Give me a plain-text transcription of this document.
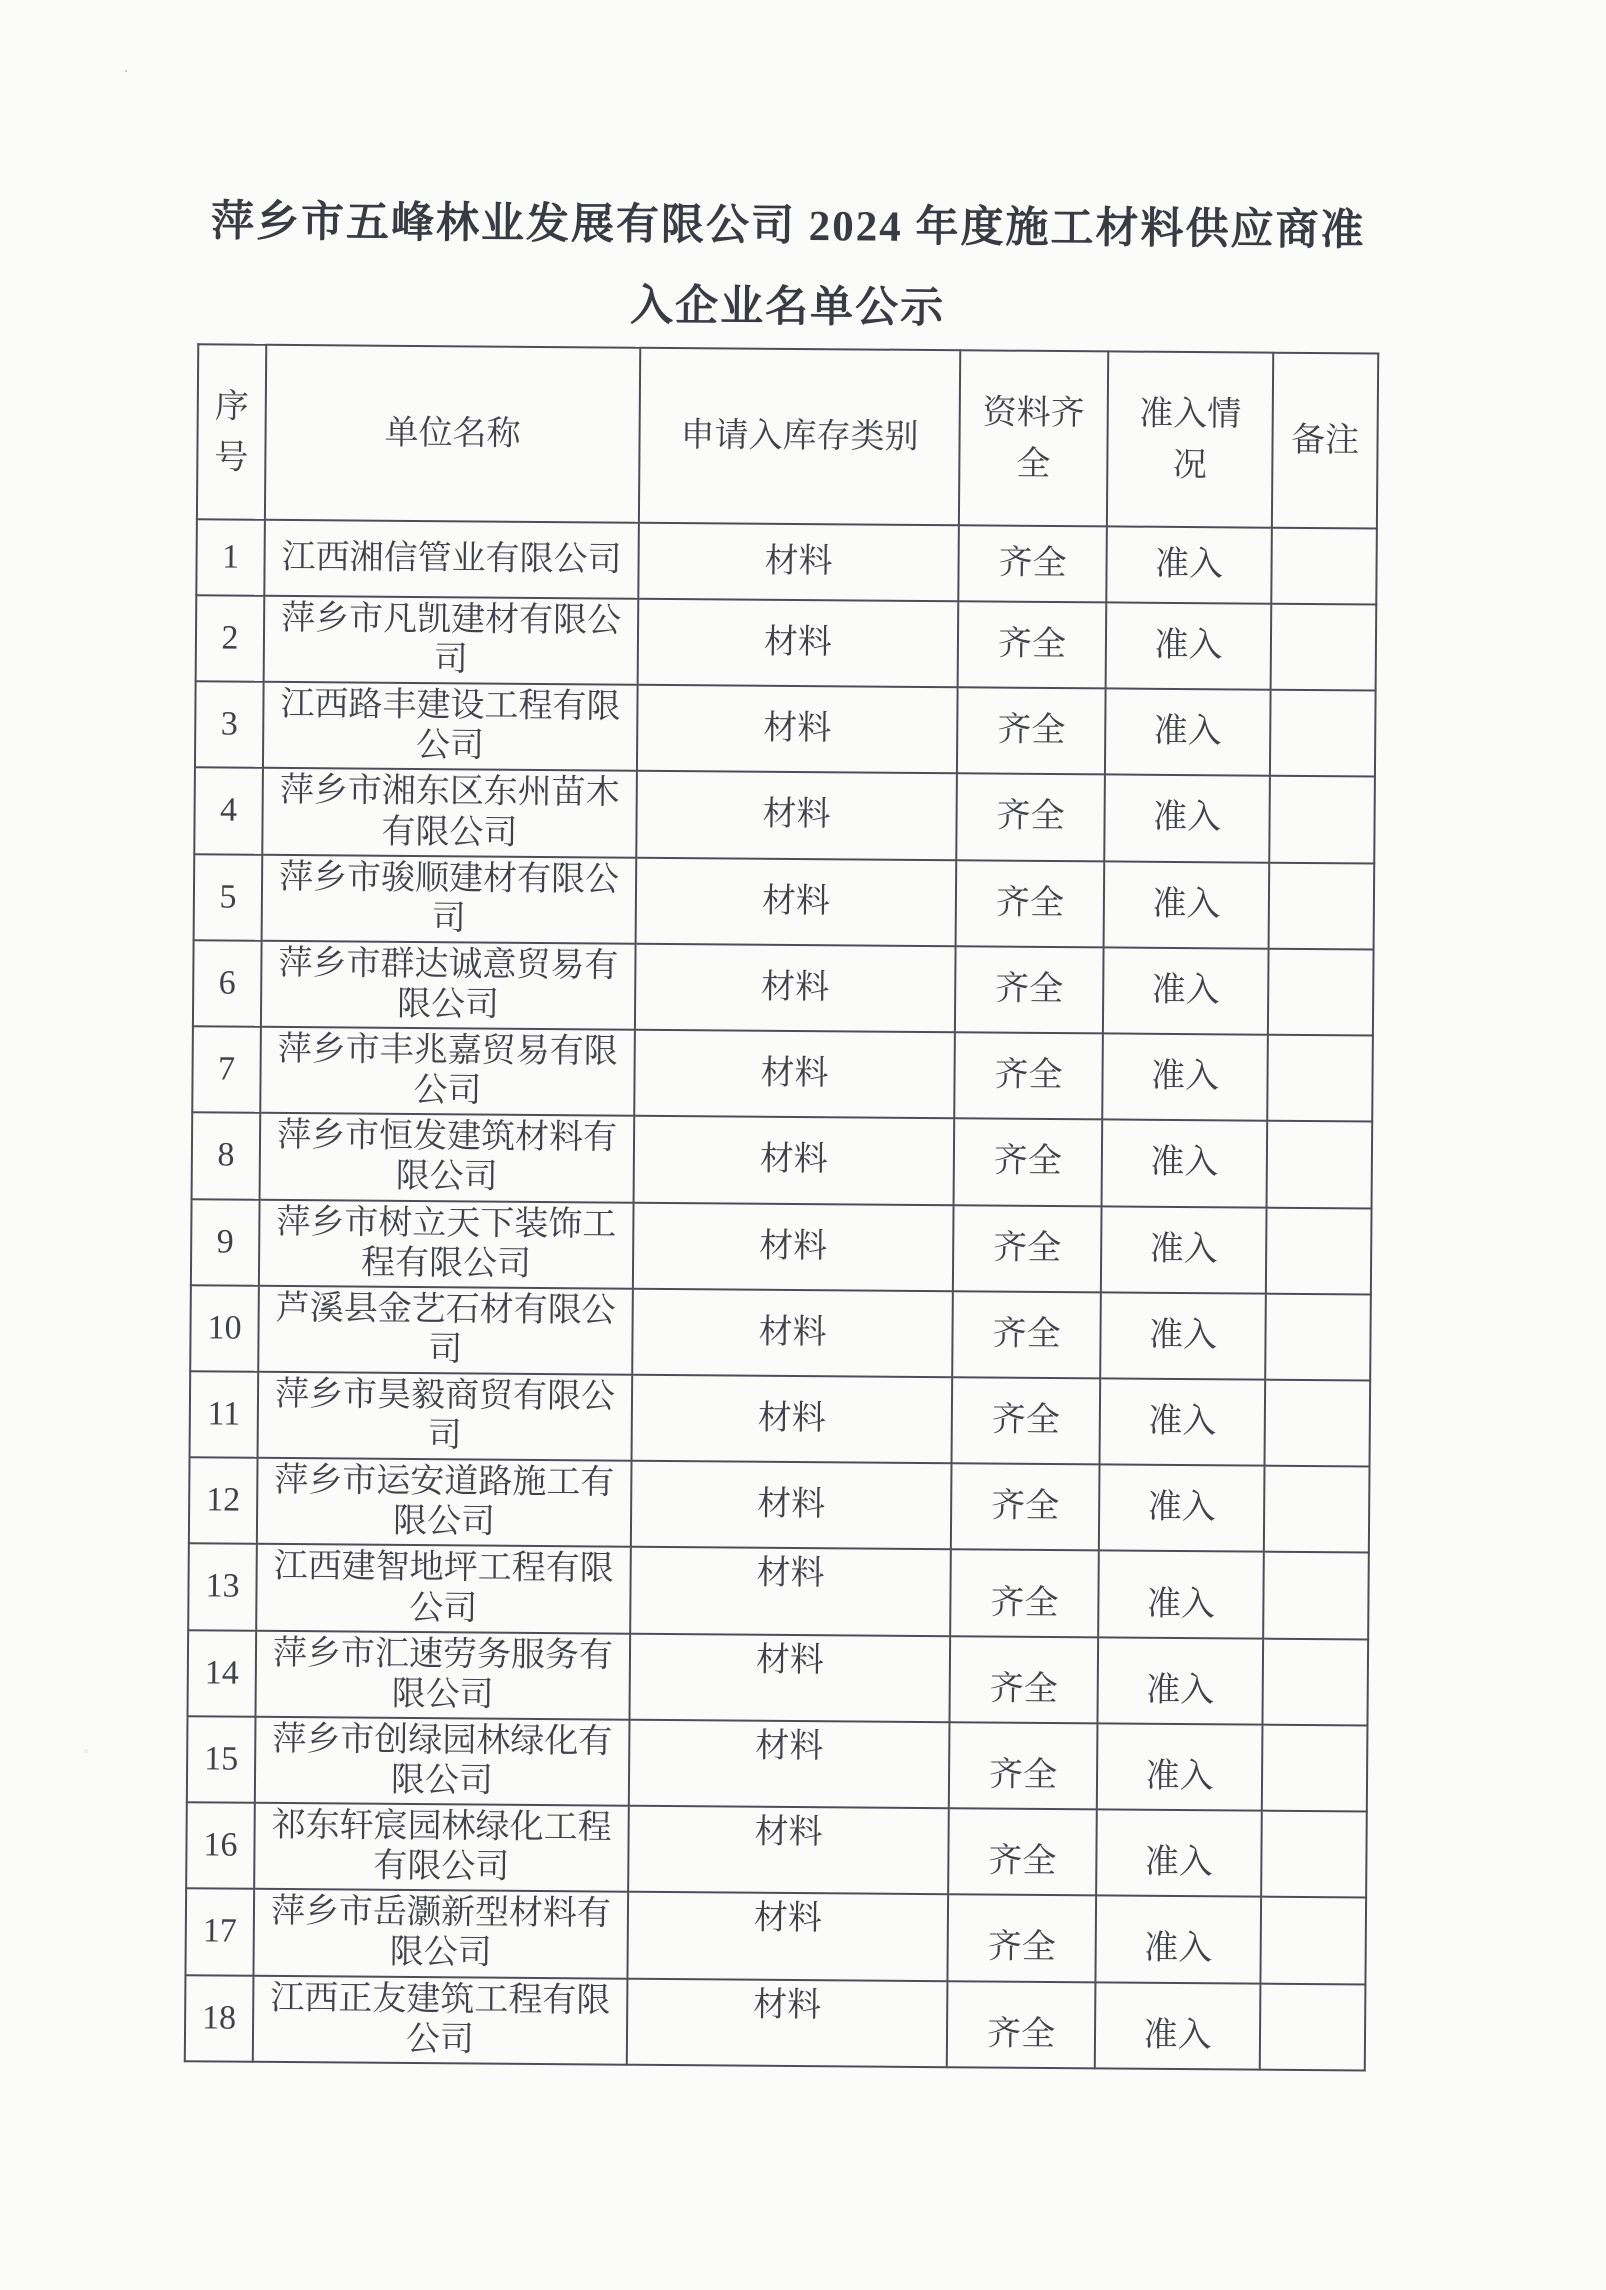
萍乡市五峰林业发展有限公司 2024 年度施工材料供应商准
入企业名单公示
序号	单位名称	申请入库存类别	资料齐全	准入情况	备注
1	江西湘信管业有限公司	材料	齐全	准入	
2	萍乡市凡凯建材有限公司	材料	齐全	准入	
3	江西路丰建设工程有限公司	材料	齐全	准入	
4	萍乡市湘东区东州苗木有限公司	材料	齐全	准入	
5	萍乡市骏顺建材有限公司	材料	齐全	准入	
6	萍乡市群达诚意贸易有限公司	材料	齐全	准入	
7	萍乡市丰兆嘉贸易有限公司	材料	齐全	准入	
8	萍乡市恒发建筑材料有限公司	材料	齐全	准入	
9	萍乡市树立天下装饰工程有限公司	材料	齐全	准入	
10	芦溪县金艺石材有限公司	材料	齐全	准入	
11	萍乡市昊毅商贸有限公司	材料	齐全	准入	
12	萍乡市运安道路施工有限公司	材料	齐全	准入	
13	江西建智地坪工程有限公司	材料	齐全	准入	
14	萍乡市汇速劳务服务有限公司	材料	齐全	准入	
15	萍乡市创绿园林绿化有限公司	材料	齐全	准入	
16	祁东轩宸园林绿化工程有限公司	材料	齐全	准入	
17	萍乡市岳灏新型材料有限公司	材料	齐全	准入	
18	江西正友建筑工程有限公司	材料	齐全	准入	
